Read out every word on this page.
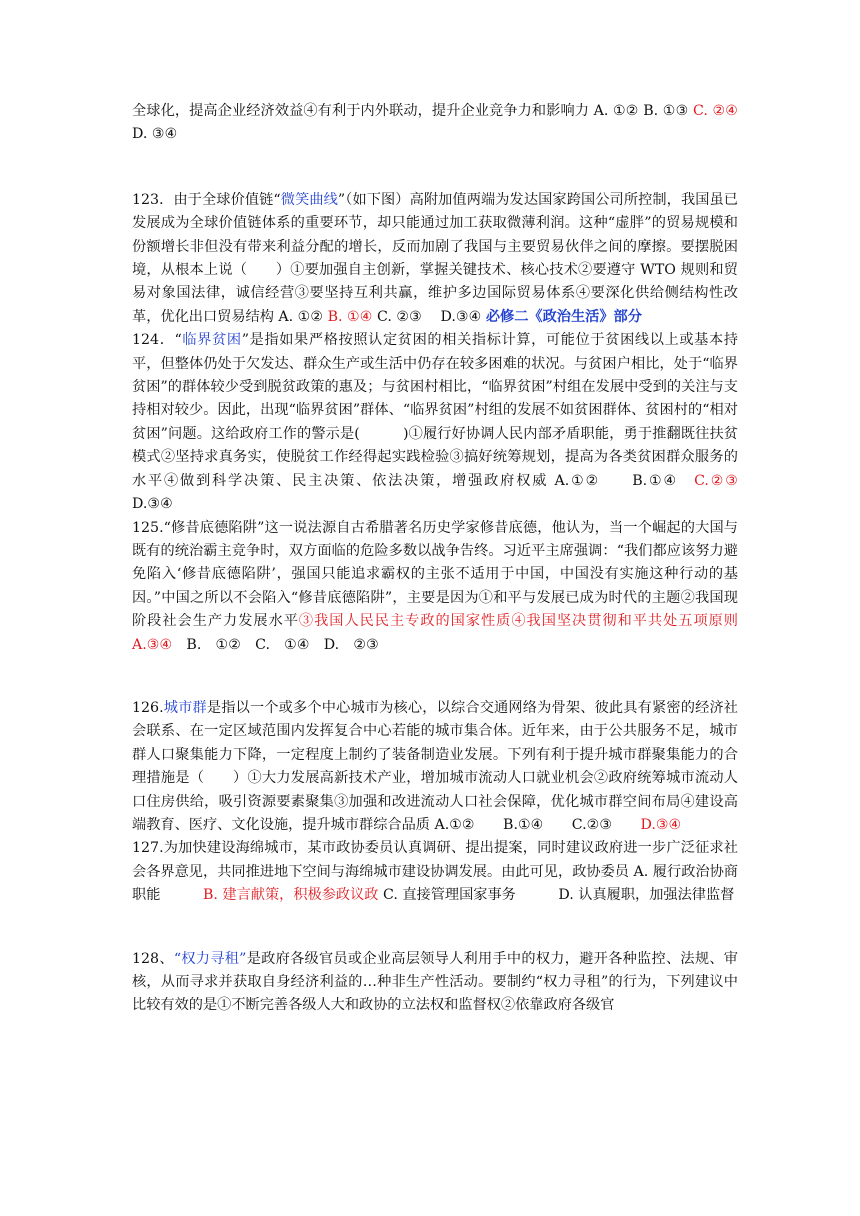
全球化，提高企业经济效益④有利于内外联动，提升企业竞争力和影响力 A. ①② B. ①③ C. ②④ D. ③④

123．由于全球价值链“微笑曲线”（如下图）高附加值两端为发达国家跨国公司所控制，我国虽已发展成为全球价值链体系的重要环节，却只能通过加工获取微薄利润。这种“虚胖”的贸易规模和份额增长非但没有带来利益分配的增长，反而加剧了我国与主要贸易伙伴之间的摩擦。要摆脱困境，从根本上说（　　）①要加强自主创新，掌握关键技术、核心技术②要遵守 WTO 规则和贸易对象国法律，诚信经营③要坚持互利共赢，维护多边国际贸易体系④要深化供给侧结构性改革，优化出口贸易结构 A. ①② B. ①④ C. ②③　 D.③④ 必修二《政治生活》部分

124．“临界贫困”是指如果严格按照认定贫困的相关指标计算，可能位于贫困线以上或基本持平，但整体仍处于欠发达、群众生产或生活中仍存在较多困难的状况。与贫困户相比，处于“临界贫困”的群体较少受到脱贫政策的惠及；与贫困村相比，“临界贫困”村组在发展中受到的关注与支持相对较少。因此，出现“临界贫困”群体、“临界贫困”村组的发展不如贫困群体、贫困村的“相对贫困”问题。这给政府工作的警示是(　　　)①履行好协调人民内部矛盾职能，勇于推翻既往扶贫模式②坚持求真务实，使脱贫工作经得起实践检验③搞好统筹规划，提高为各类贫困群众服务的水平④做到科学决策、民主决策、依法决策，增强政府权威 A.①②　　B.①④　C.②③　　D.③④

125.“修昔底德陷阱”这一说法源自古希腊著名历史学家修昔底德，他认为，当一个崛起的大国与既有的统治霸主竞争时，双方面临的危险多数以战争告终。习近平主席强调：“我们都应该努力避免陷入‘修昔底德陷阱’，强国只能追求霸权的主张不适用于中国，中国没有实施这种行动的基因。”中国之所以不会陷入“修昔底德陷阱”，主要是因为①和平与发展已成为时代的主题②我国现阶段社会生产力发展水平③我国人民民主专政的国家性质④我国坚决贯彻和平共处五项原则 A.③④　B.　①②　C.　①④　D.　②③

126.城市群是指以一个或多个中心城市为核心，以综合交通网络为骨架、彼此具有紧密的经济社会联系、在一定区域范围内发挥复合中心若能的城市集合体。近年来，由于公共服务不足，城市群人口聚集能力下降，一定程度上制约了装备制造业发展。下列有利于提升城市群聚集能力的合理措施是（　　）①大力发展高新技术产业，增加城市流动人口就业机会②政府统筹城市流动人口住房供给，吸引资源要素聚集③加强和改进流动人口社会保障，优化城市群空间布局④建设高端教育、医疗、文化设施，提升城市群综合品质 A.①②　　B.①④　　C.②③　　D.③④

127.为加快建设海绵城市，某市政协委员认真调研、提出提案，同时建议政府进一步广泛征求社会各界意见，共同推进地下空间与海绵城市建设协调发展。由此可见，政协委员 A. 履行政治协商职能　　　B. 建言献策，积极参政议政 C. 直接管理国家事务　　　D. 认真履职，加强法律监督

128、“权力寻租”是政府各级官员或企业高层领导人利用手中的权力，避开各种监控、法规、审核，从而寻求并获取自身经济利益的…种非生产性活动。要制约“权力寻租”的行为，下列建议中比较有效的是①不断完善各级人大和政协的立法权和监督权②依靠政府各级官
